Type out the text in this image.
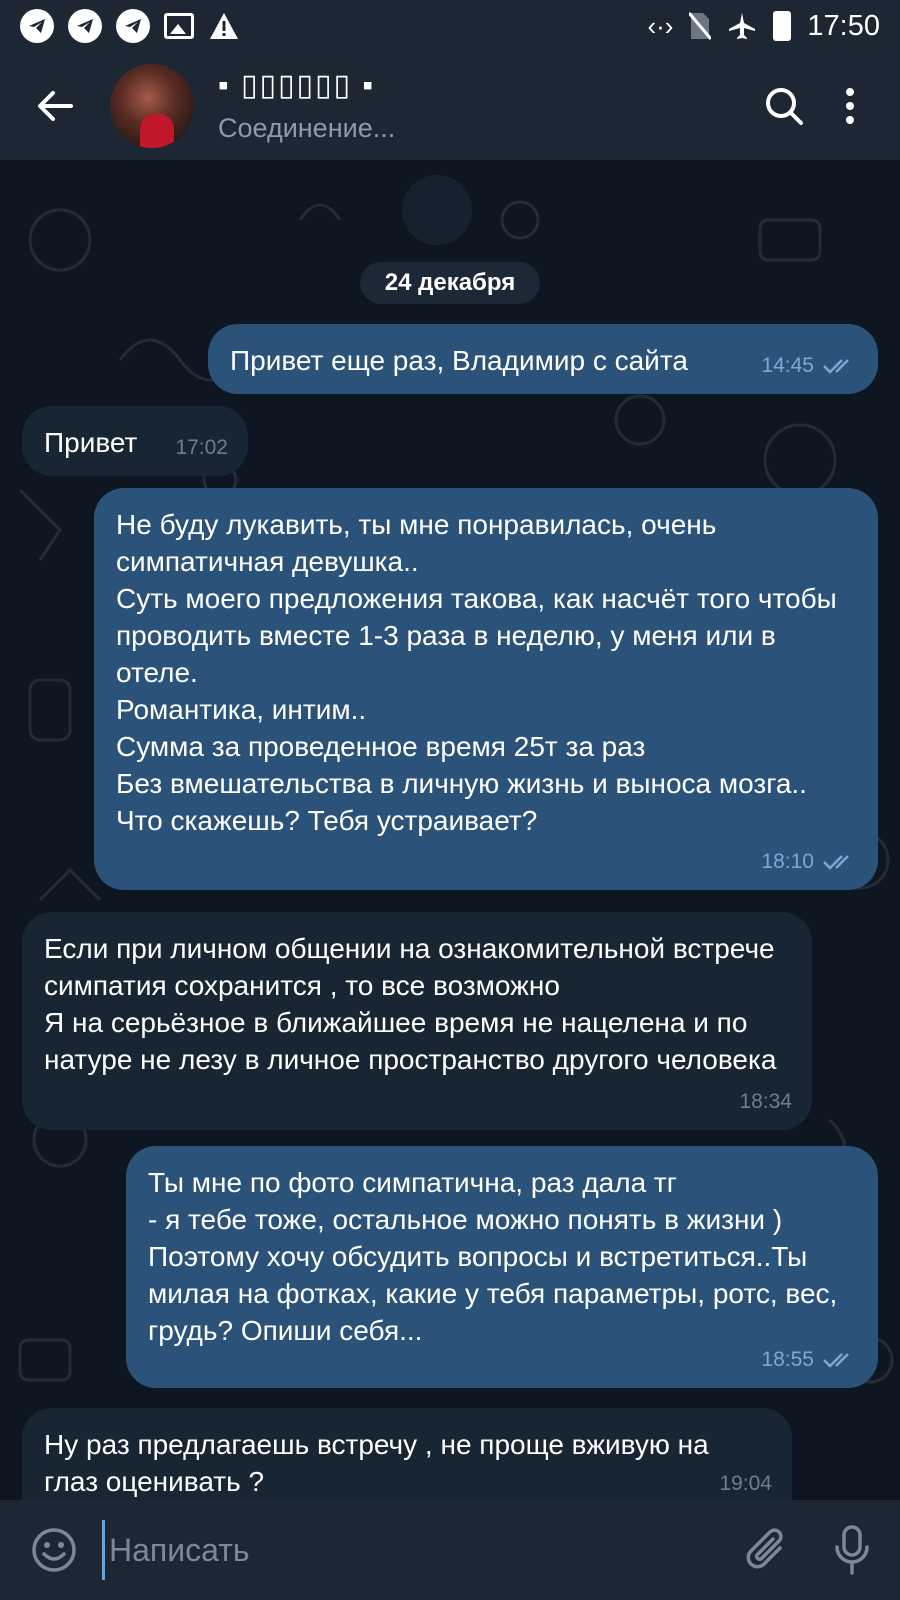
‹·›	17:50
▪ ▯▯▯▯▯▯ ▪
Соединение...
24 декабря
Привет еще раз, Владимир с сайта	14:45
Привет	17:02
Не буду лукавить, ты мне понравилась, очень симпатичная девушка..
Суть моего предложения такова, как насчёт того чтобы проводить вместе 1-3 раза в неделю, у меня или в отеле.
Романтика, интим..
Сумма за проведенное время 25т за раз
Без вмешательства в личную жизнь и выноса мозга..
Что скажешь? Тебя устраивает?
18:10
Если при личном общении на ознакомительной встрече симпатия сохранится , то все возможно
Я на серьёзное в ближайшее время не нацелена и по натуре не лезу в личное пространство другого человека
18:34
Ты мне по фото симпатична, раз дала тг
- я тебе тоже, остальное можно понять в жизни ) Поэтому хочу обсудить вопросы и встретиться..Ты милая на фотках, какие у тебя параметры, ротс, вес, грудь? Опиши себя...
18:55
Ну раз предлагаешь встречу , не проще вживую на глаз оценивать ?	19:04
Написать
